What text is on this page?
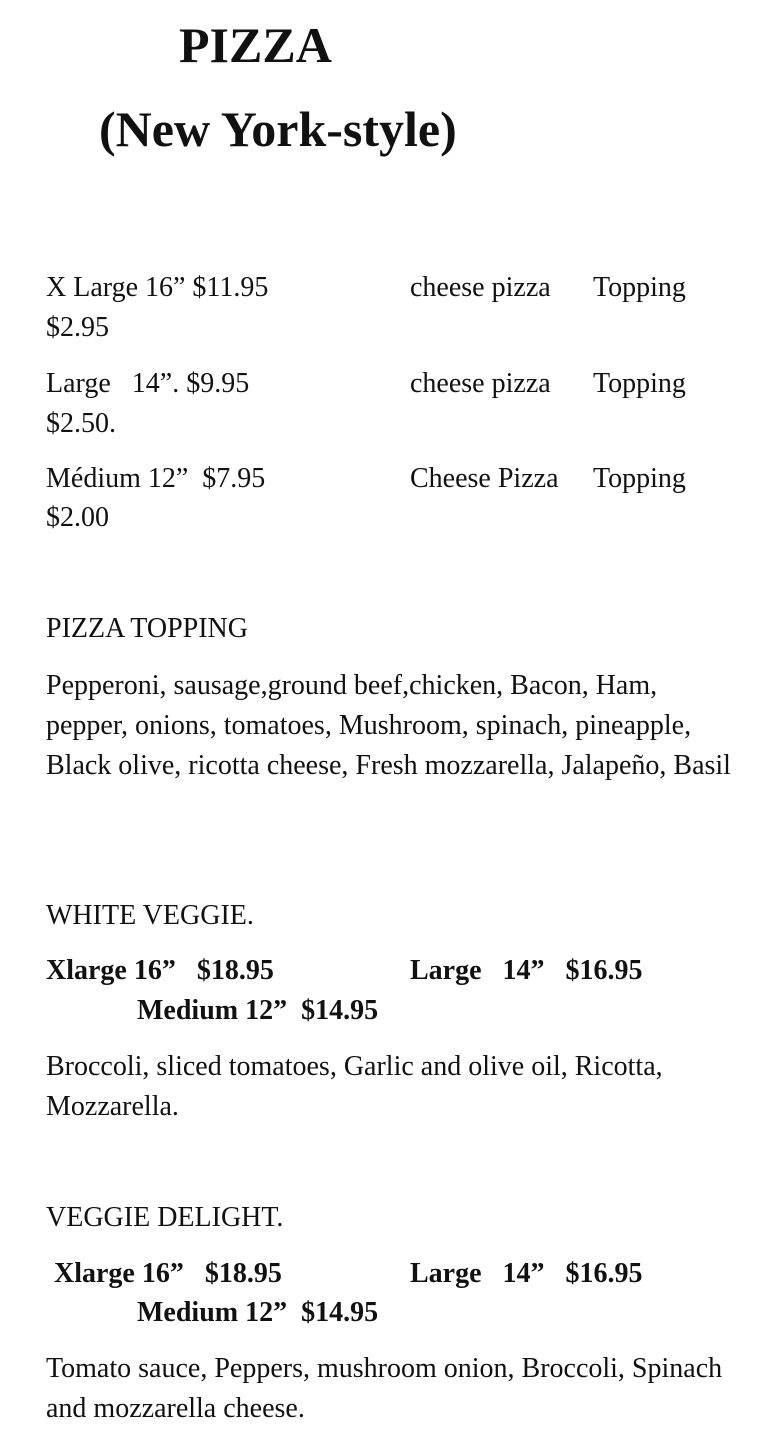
PIZZA
(New York-style)
X Large 16” $11.95	cheese pizza Topping
$2.95
Large   14”. $9.95	cheese pizza Topping
$2.50.
Médium 12”  $7.95	Cheese Pizza Topping
$2.00
PIZZA TOPPING
Pepperoni, sausage,ground beef,chicken, Bacon, Ham, pepper, onions, tomatoes, Mushroom, spinach, pineapple, Black olive, ricotta cheese, Fresh mozzarella, Jalapeño, Basil
WHITE VEGGIE.
Xlarge 16”   $18.95	Large   14”   $16.95
Medium 12”  $14.95
Broccoli, sliced tomatoes, Garlic and olive oil, Ricotta, Mozzarella.
VEGGIE DELIGHT.
Xlarge 16”   $18.95	Large   14”   $16.95
Medium 12”  $14.95
Tomato sauce, Peppers, mushroom onion, Broccoli, Spinach and mozzarella cheese.
